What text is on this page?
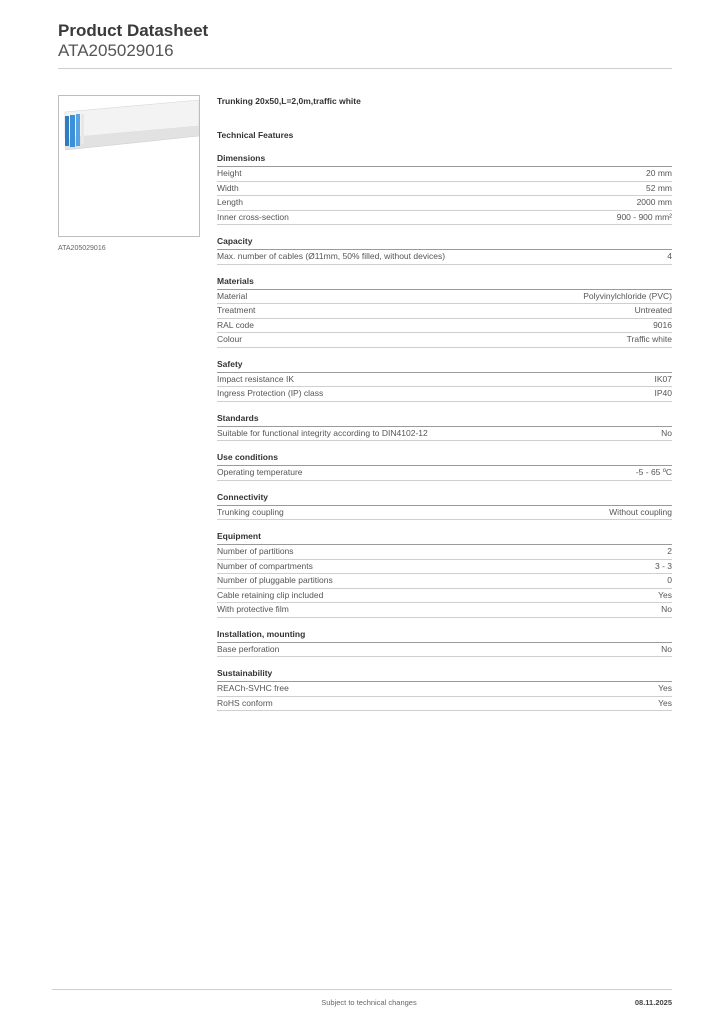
Product Datasheet
ATA205029016
ATA205029016
Trunking 20x50,L=2,0m,traffic white
Technical Features
Dimensions
Height	20 mm
Width	52 mm
Length	2000 mm
Inner cross-section	900 - 900 mm²
Capacity
Max. number of cables (Ø11mm, 50% filled, without devices)	4
Materials
Material	Polyvinylchloride (PVC)
Treatment	Untreated
RAL code	9016
Colour	Traffic white
Safety
Impact resistance IK	IK07
Ingress Protection (IP) class	IP40
Standards
Suitable for functional integrity according to DIN4102-12	No
Use conditions
Operating temperature	-5 - 65 ºC
Connectivity
Trunking coupling	Without coupling
Equipment
Number of partitions	2
Number of compartments	3 - 3
Number of pluggable partitions	0
Cable retaining clip included	Yes
With protective film	No
Installation, mounting
Base perforation	No
Sustainability
REACh-SVHC free	Yes
RoHS conform	Yes
Subject to technical changes	08.11.2025
